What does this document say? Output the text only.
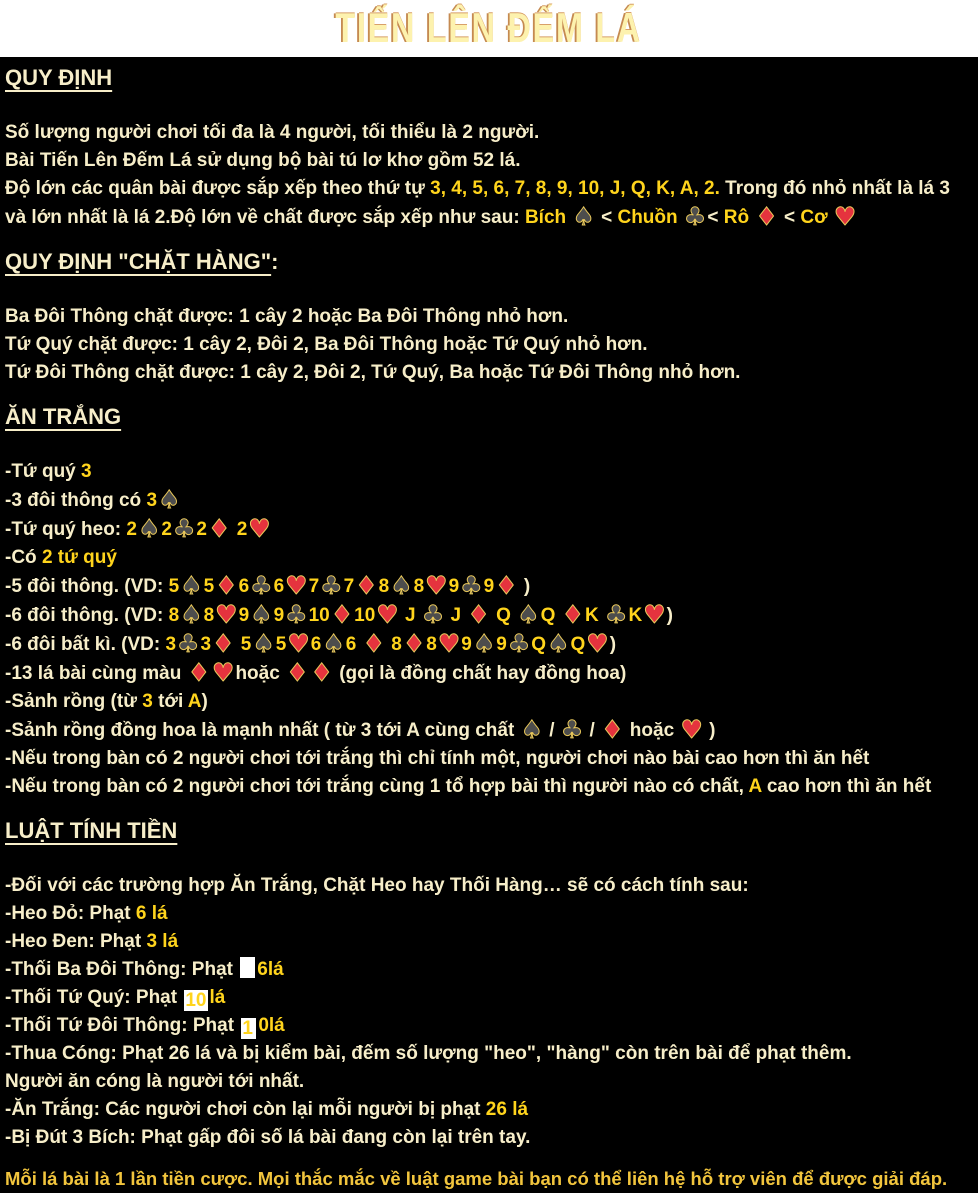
TIẾN LÊN ĐẾM LÁ
QUY ĐỊNH
Số lượng người chơi tối đa là 4 người, tối thiểu là 2 người.
Bài Tiến Lên Đếm Lá sử dụng bộ bài tú lơ khơ gồm 52 lá.
Độ lớn các quân bài được sắp xếp theo thứ tự 3, 4, 5, 6, 7, 8, 9, 10, J, Q, K, A, 2. Trong đó nhỏ nhất là lá 3
và lớn nhất là lá 2.Độ lớn về chất được sắp xếp như sau: Bích ♠ < Chuồn ♣< Rô ♦ < Cơ ♥
QUY ĐỊNH "CHẶT HÀNG":
Ba Đôi Thông chặt được: 1 cây 2 hoặc Ba Đôi Thông nhỏ hơn.
Tứ Quý chặt được: 1 cây 2, Đôi 2, Ba Đôi Thông hoặc Tứ Quý nhỏ hơn.
Tứ Đôi Thông chặt được: 1 cây 2, Đôi 2, Tứ Quý, Ba hoặc Tứ Đôi Thông nhỏ hơn.
ĂN TRẮNG
-Tứ quý 3
-3 đôi thông có 3♠
-Tứ quý heo: 2♠2♣2♦ 2♥
-Có 2 tứ quý
-5 đôi thông. (VD: 5♠5♦6♣6♥7♣7♦8♠8♥9♣9♦ )
-6 đôi thông. (VD: 8♠8♥9♠9♣10♦10♥ J ♣ J ♦ Q ♠Q ♦K ♣K♥)
-6 đôi bất kì. (VD: 3♣3♦ 5♠5♥6♠6 ♦ 8♦8♥9♠9♣Q♠Q♥)
-13 lá bài cùng màu ♦♥hoặc ♦♦ (gọi là đồng chất hay đồng hoa)
-Sảnh rồng (từ 3 tới A)
-Sảnh rồng đồng hoa là mạnh nhất ( từ 3 tới A cùng chất ♠ / ♣ / ♦ hoặc ♥ )
-Nếu trong bàn có 2 người chơi tới trắng thì chỉ tính một, người chơi nào bài cao hơn thì ăn hết
-Nếu trong bàn có 2 người chơi tới trắng cùng 1 tổ hợp bài thì người nào có chất, A cao hơn thì ăn hết
LUẬT TÍNH TIỀN
-Đối với các trường hợp Ăn Trắng, Chặt Heo hay Thối Hàng… sẽ có cách tính sau:
-Heo Đỏ: Phạt 6 lá
-Heo Đen: Phạt 3 lá
-Thối Ba Đôi Thông: Phạt 6lá
-Thối Tứ Quý: Phạt 10 lá
-Thối Tứ Đôi Thông: Phạt 1 0lá
-Thua Cóng: Phạt 26 lá và bị kiểm bài, đếm số lượng "heo", "hàng" còn trên bài để phạt thêm.
Người ăn cóng là người tới nhất.
-Ăn Trắng: Các người chơi còn lại mỗi người bị phạt 26 lá
-Bị Đút 3 Bích: Phạt gấp đôi số lá bài đang còn lại trên tay.
Mỗi lá bài là 1 lần tiền cược. Mọi thắc mắc về luật game bài bạn có thể liên hệ hỗ trợ viên để được giải đáp.
